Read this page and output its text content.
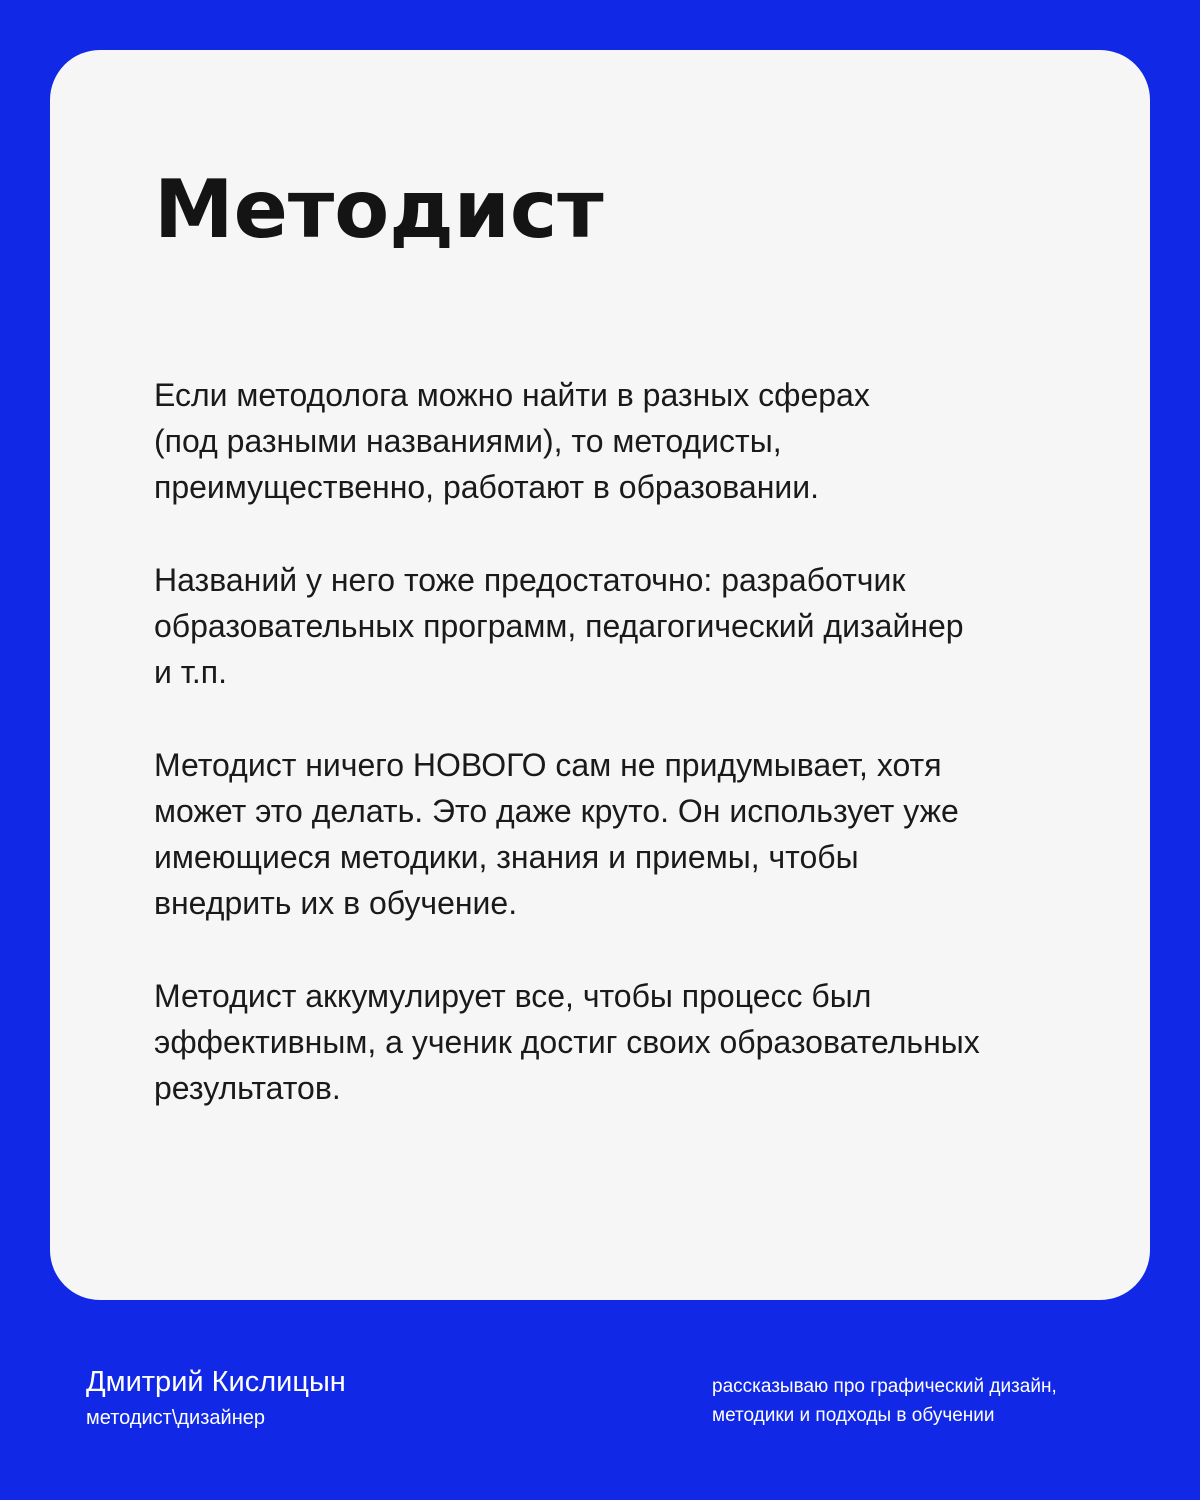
Методист

Если методолога можно найти в разных сферах
(под разными названиями), то методисты,
преимущественно, работают в образовании.

Названий у него тоже предостаточно: разработчик
образовательных программ, педагогический дизайнер
и т.п.

Методист ничего НОВОГО сам не придумывает, хотя
может это делать. Это даже круто. Он использует уже
имеющиеся методики, знания и приемы, чтобы
внедрить их в обучение.

Методист аккумулирует все, чтобы процесс был
эффективным, а ученик достиг своих образовательных
результатов.

Дмитрий Кислицын
методист\дизайнер
рассказываю про графический дизайн,
методики и подходы в обучении
